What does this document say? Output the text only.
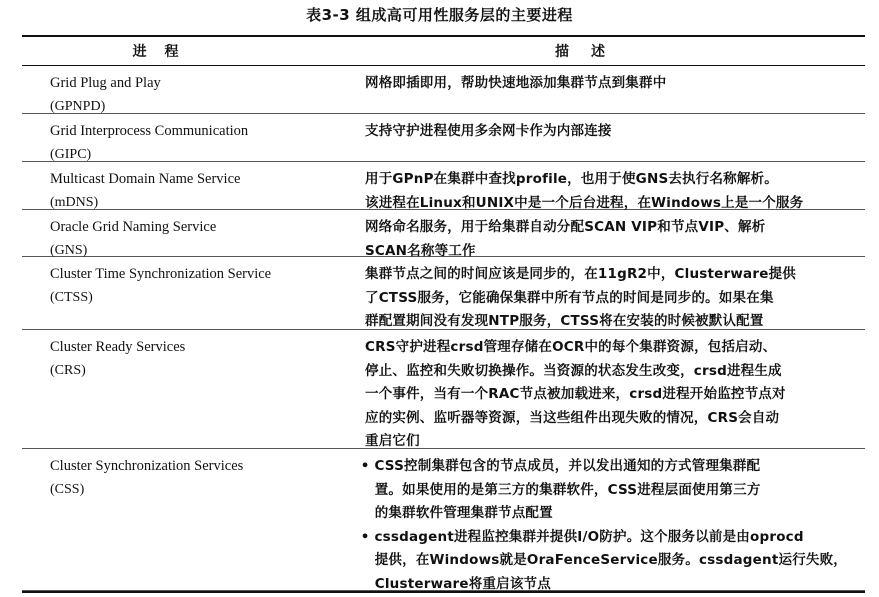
表3-3 组成高可用性服务层的主要进程
进程	描述
Grid Plug and Play
(GPNPD)
网格即插即用，帮助快速地添加集群节点到集群中
Grid Interprocess Communication
(GIPC)
支持守护进程使用多余网卡作为内部连接
Multicast Domain Name Service
(mDNS)
用于GPnP在集群中查找profile，也用于使GNS去执行名称解析。
该进程在Linux和UNIX中是一个后台进程，在Windows上是一个服务
Oracle Grid Naming Service
(GNS)
网络命名服务，用于给集群自动分配SCAN VIP和节点VIP、解析
SCAN名称等工作
Cluster Time Synchronization Service
(CTSS)
集群节点之间的时间应该是同步的，在11gR2中，Clusterware提供
了CTSS服务，它能确保集群中所有节点的时间是同步的。如果在集
群配置期间没有发现NTP服务，CTSS将在安装的时候被默认配置
Cluster Ready Services
(CRS)
CRS守护进程crsd管理存储在OCR中的每个集群资源，包括启动、
停止、监控和失败切换操作。当资源的状态发生改变，crsd进程生成
一个事件，当有一个RAC节点被加载进来，crsd进程开始监控节点对
应的实例、监听器等资源，当这些组件出现失败的情况，CRS会自动
重启它们
Cluster Synchronization Services
(CSS)
• CSS控制集群包含的节点成员，并以发出通知的方式管理集群配
置。如果使用的是第三方的集群软件，CSS进程层面使用第三方
的集群软件管理集群节点配置
• cssdagent进程监控集群并提供I/O防护。这个服务以前是由oprocd
提供，在Windows就是OraFenceService服务。cssdagent运行失败，
Clusterware将重启该节点
